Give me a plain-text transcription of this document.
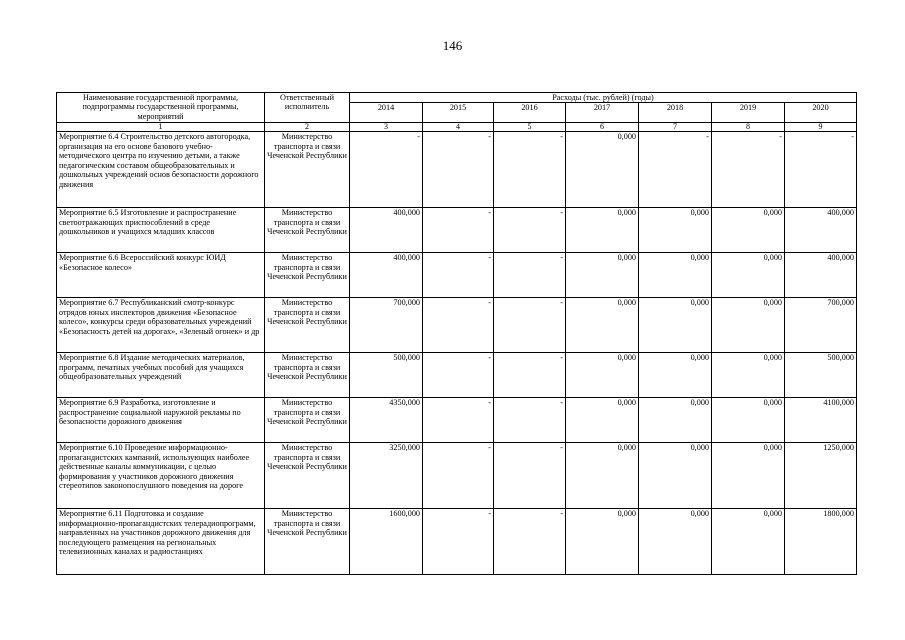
146
Наименование государственной программы, подпрограммы государственной программы, мероприятий	Ответственный исполнитель	Расходы (тыс. рублей) (годы)						
		2014	2015	2016	2017	2018	2019	2020
1	2	3	4	5	6	7	8	9
Мероприятие 6.4 Строительство детского автогородка, организация на его основе базового учебно-методического центра по изучению детьми, а также педагогическим составом общеобразовательных и дошкольных учреждений основ безопасности дорожного движения	Министерство транспорта и связи Чеченской Республики	-	-	-	0,000	-	-	-
Мероприятие 6.5 Изготовление и распространение светоотражающих приспособлений в среде дошкольников и учащихся младших классов	Министерство транспорта и связи Чеченской Республики	400,000	-	-	0,000	0,000	0,000	400,000
Мероприятие 6.6 Всероссийский конкурс ЮИД «Безопасное колесо»	Министерство транспорта и связи Чеченской Республики	400,000	-	-	0,000	0,000	0,000	400,000
Мероприятие 6.7 Республиканский смотр-конкурс отрядов юных инспекторов движения «Безопасное колесо», конкурсы среди образовательных учреждений «Безопасность детей на дорогах», «Зеленый огонек» и др	Министерство транспорта и связи Чеченской Республики	700,000	-	-	0,000	0,000	0,000	700,000
Мероприятие 6.8 Издание методических материалов, программ, печатных учебных пособий для учащихся общеобразовательных учреждений	Министерство транспорта и связи Чеченской Республики	500,000	-	-	0,000	0,000	0,000	500,000
Мероприятие 6.9 Разработка, изготовление и распространение социальной наружной рекламы по безопасности дорожного движения	Министерство транспорта и связи Чеченской Республики	4350,000	-	-	0,000	0,000	0,000	4100,000
Мероприятие 6.10 Проведение информационно-пропагандистских кампаний, использующих наиболее действенные каналы коммуникации, с целью формирования у участников дорожного движения стереотипов законопослушного поведения на дороге	Министерство транспорта и связи Чеченской Республики	3250,000	-	-	0,000	0,000	0,000	1250,000
Мероприятие 6.11 Подготовка и создание информационно-пропагандистских телерадиопрограмм, направленных на участников дорожного движения для последующего размещения на региональных телевизионных каналах и радиостанциях	Министерство транспорта и связи Чеченской Республики	1600,000	-	-	0,000	0,000	0,000	1800,000
